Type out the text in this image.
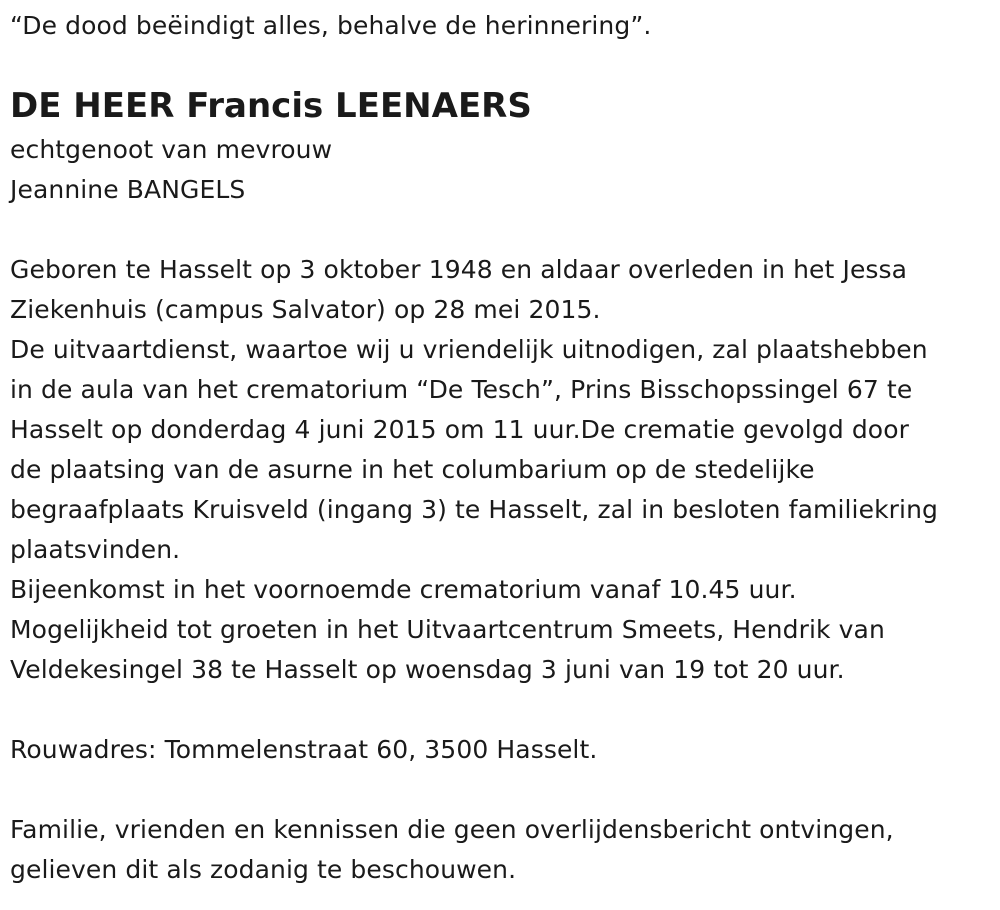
“De dood beëindigt alles, behalve de herinnering”.
DE HEER Francis LEENAERS
echtgenoot van mevrouw
Jeannine BANGELS
Geboren te Hasselt op 3 oktober 1948 en aldaar overleden in het Jessa
Ziekenhuis (campus Salvator) op 28 mei 2015.
De uitvaartdienst, waartoe wij u vriendelijk uitnodigen, zal plaatshebben
in de aula van het crematorium “De Tesch”, Prins Bisschopssingel 67 te
Hasselt op donderdag 4 juni 2015 om 11 uur.De crematie gevolgd door
de plaatsing van de asurne in het columbarium op de stedelijke
begraafplaats Kruisveld (ingang 3) te Hasselt, zal in besloten familiekring
plaatsvinden.
Bijeenkomst in het voornoemde crematorium vanaf 10.45 uur.
Mogelijkheid tot groeten in het Uitvaartcentrum Smeets, Hendrik van
Veldekesingel 38 te Hasselt op woensdag 3 juni van 19 tot 20 uur.
Rouwadres: Tommelenstraat 60, 3500 Hasselt.
Familie, vrienden en kennissen die geen overlijdensbericht ontvingen,
gelieven dit als zodanig te beschouwen.
